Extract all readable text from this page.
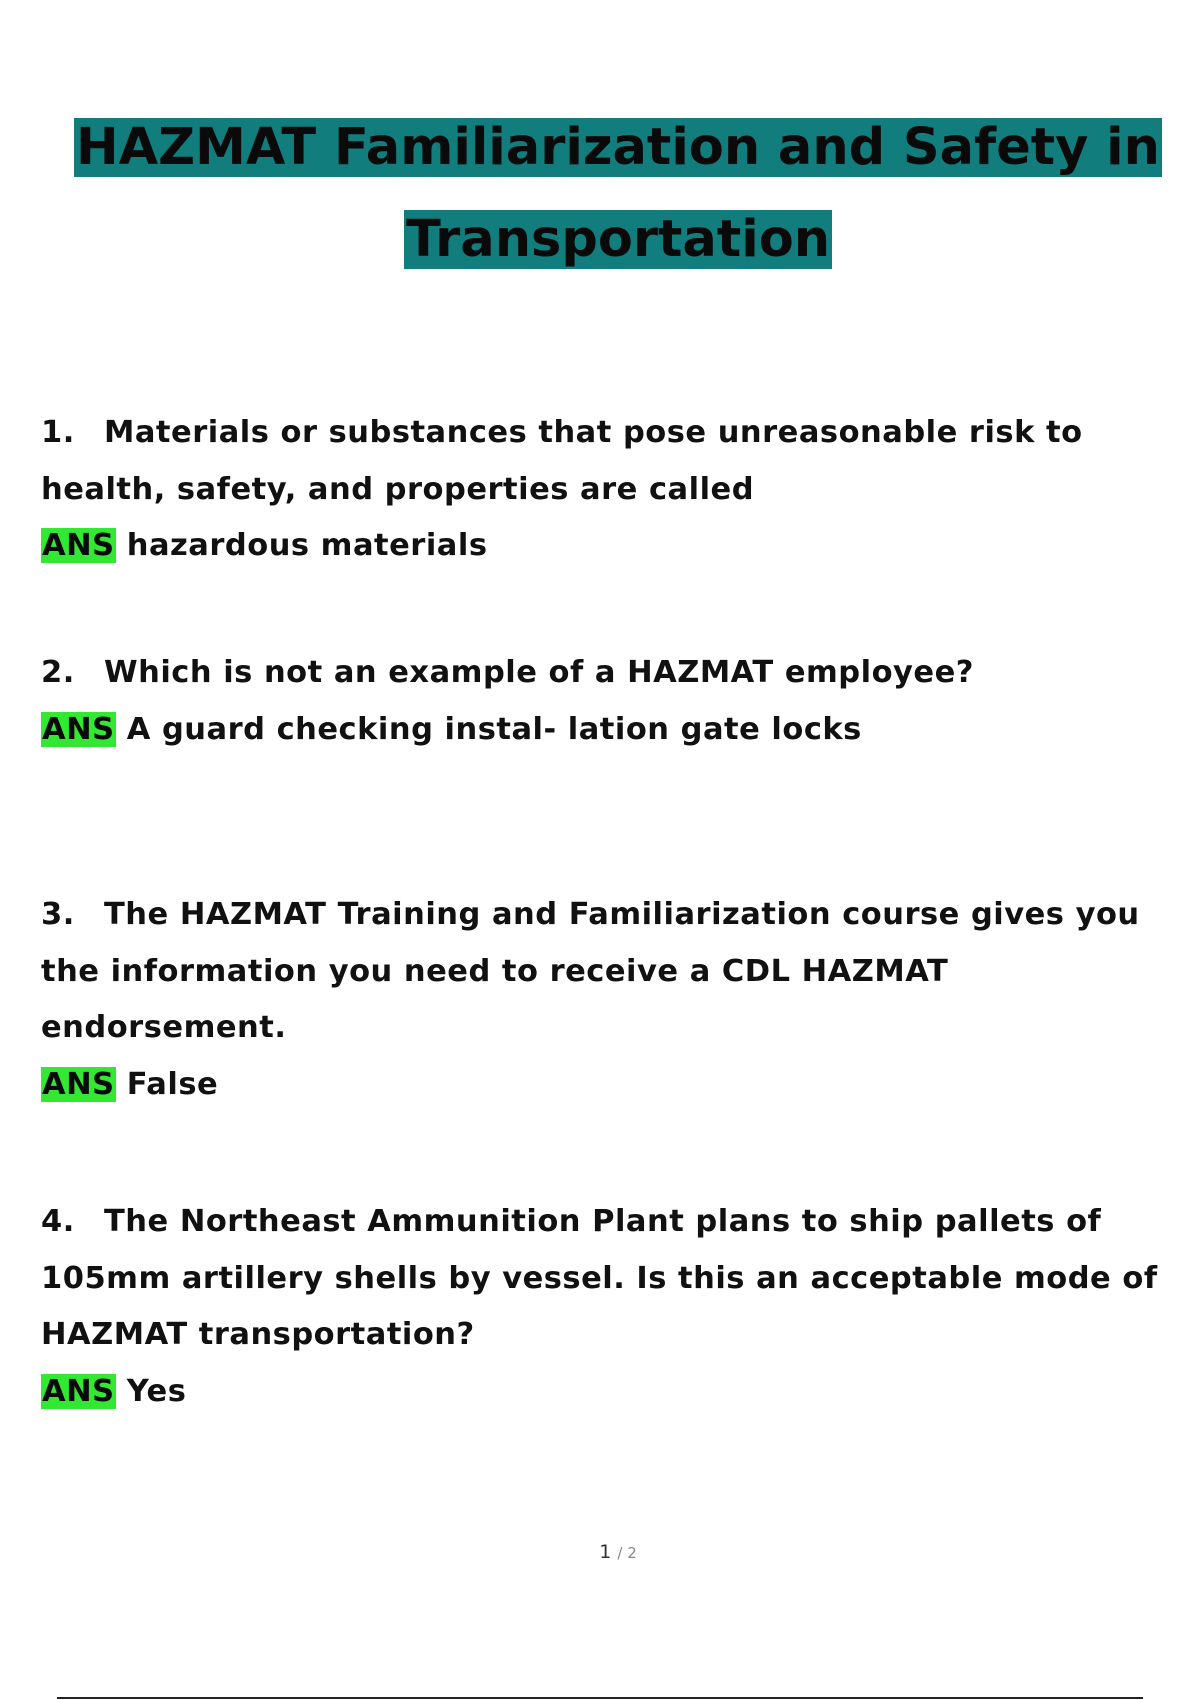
HAZMAT Familiarization and Safety in
Transportation
1. Materials or substances that pose unreasonable risk to
health, safety, and properties are called
ANS hazardous materials
2. Which is not an example of a HAZMAT employee?
ANS A guard checking instal- lation gate locks
3. The HAZMAT Training and Familiarization course gives you
the information you need to receive a CDL HAZMAT
endorsement.
ANS False
4. The Northeast Ammunition Plant plans to ship pallets of
105mm artillery shells by vessel. Is this an acceptable mode of
HAZMAT transportation?
ANS Yes
1 / 2
